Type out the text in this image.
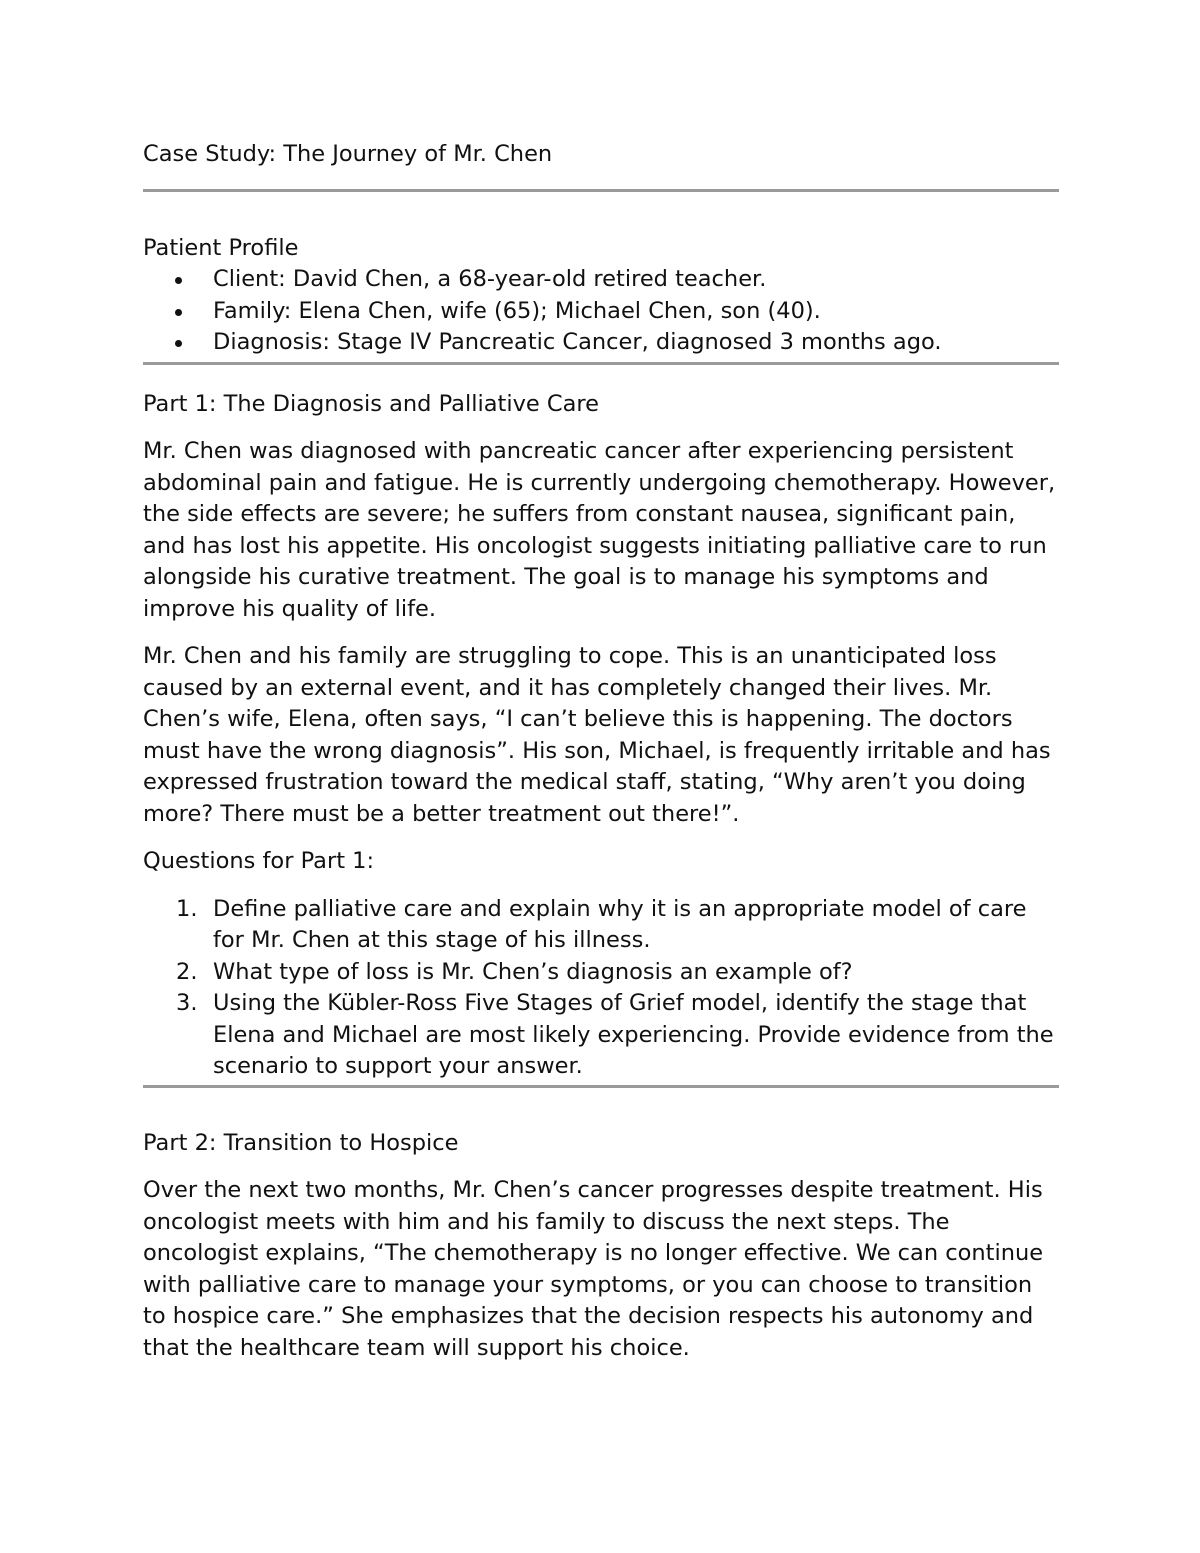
Case Study: The Journey of Mr. Chen

Patient Profile

Client: David Chen, a 68-year-old retired teacher.
Family: Elena Chen, wife (65); Michael Chen, son (40).
Diagnosis: Stage IV Pancreatic Cancer, diagnosed 3 months ago.

Part 1: The Diagnosis and Palliative Care

Mr. Chen was diagnosed with pancreatic cancer after experiencing persistent abdominal pain and fatigue. He is currently undergoing chemotherapy. However, the side effects are severe; he suffers from constant nausea, significant pain, and has lost his appetite. His oncologist suggests initiating palliative care to run alongside his curative treatment. The goal is to manage his symptoms and improve his quality of life.

Mr. Chen and his family are struggling to cope. This is an unanticipated loss caused by an external event, and it has completely changed their lives. Mr. Chen’s wife, Elena, often says, “I can’t believe this is happening. The doctors must have the wrong diagnosis”. His son, Michael, is frequently irritable and has expressed frustration toward the medical staff, stating, “Why aren’t you doing more? There must be a better treatment out there!”.

Questions for Part 1:

1. Define palliative care and explain why it is an appropriate model of care for Mr. Chen at this stage of his illness.
2. What type of loss is Mr. Chen’s diagnosis an example of?
3. Using the Kübler-Ross Five Stages of Grief model, identify the stage that Elena and Michael are most likely experiencing. Provide evidence from the scenario to support your answer.

Part 2: Transition to Hospice

Over the next two months, Mr. Chen’s cancer progresses despite treatment. His oncologist meets with him and his family to discuss the next steps. The oncologist explains, “The chemotherapy is no longer effective. We can continue with palliative care to manage your symptoms, or you can choose to transition to hospice care.” She emphasizes that the decision respects his autonomy and that the healthcare team will support his choice.
